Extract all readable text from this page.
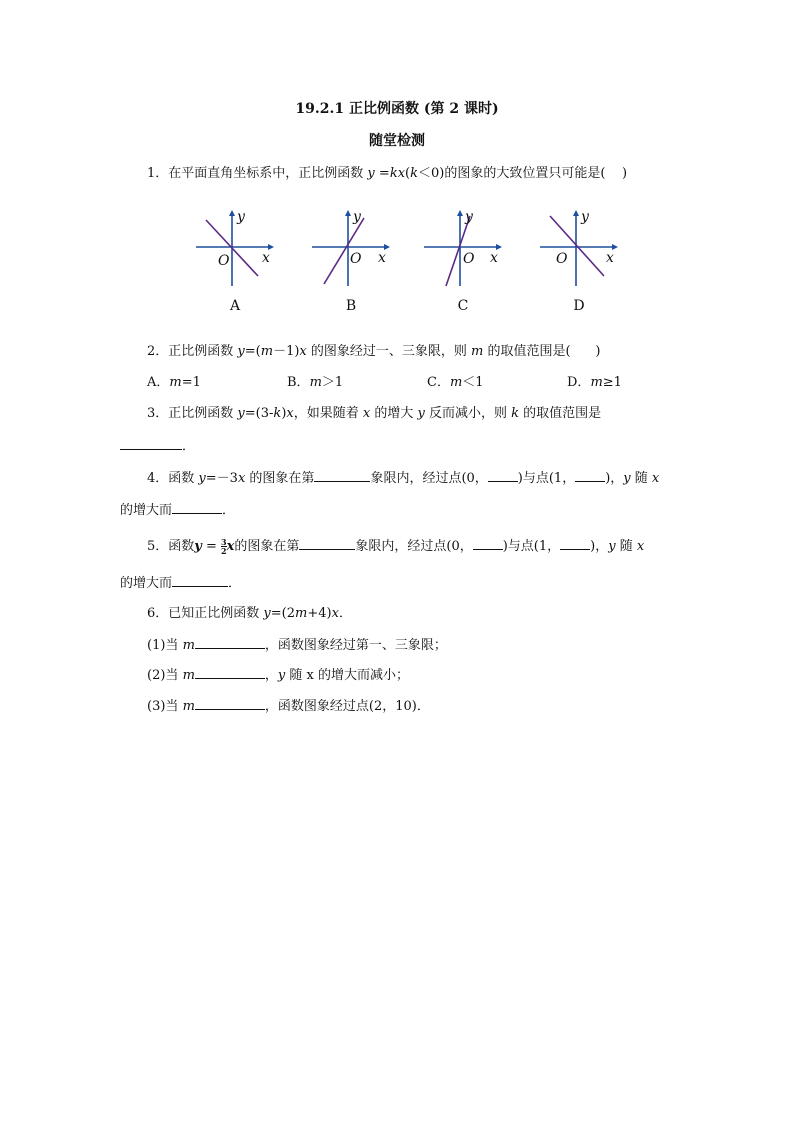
19.2.1 正比例函数 (第 2 课时)
随堂检测
1．在平面直角坐标系中，正比例函数 y =kx(k＜0)的图象的大致位置只可能是(    )
y
x
O
A
y
x
O
B
y
x
O
C
y
x
O
D
2．正比例函数 y=(m－1)x 的图象经过一、三象限，则 m 的取值范围是(      )
A．m=1	B．m＞1	C．m＜1	D．m≥1
3．正比例函数 y=(3-k)x，如果随着 x 的增大 y 反而减小，则 k 的取值范围是
．
4．函数 y=－3x 的图象在第	象限内，经过点(0， )与点(1， )，y 随 x
的增大而	．
5．函数$y = \frac{3}{2}$ x的图象在第	象限内，经过点(0， )与点(1， )，y 随 x
的增大而	．
6．已知正比例函数 y=(2m+4)x．
(1)当 m	，函数图象经过第一、三象限；
(2)当 m	，y 随 x 的增大而减小；
(3)当 m	，函数图象经过点(2，10)．
